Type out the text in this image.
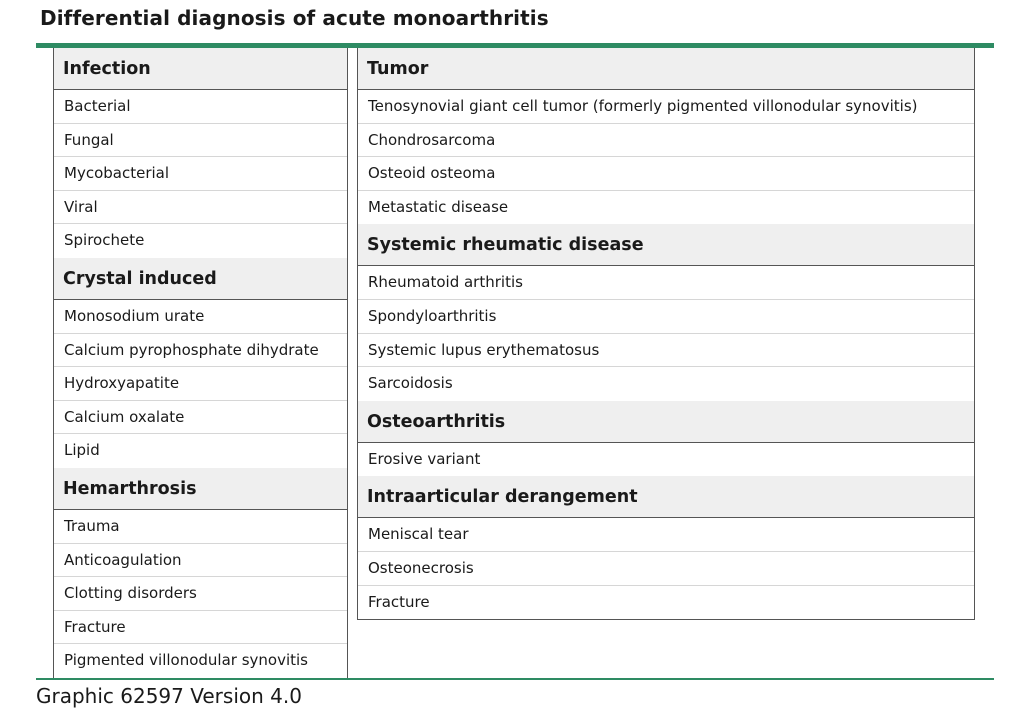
Differential diagnosis of acute monoarthritis
Infection
Bacterial
Fungal
Mycobacterial
Viral
Spirochete
Crystal induced
Monosodium urate
Calcium pyrophosphate dihydrate
Hydroxyapatite
Calcium oxalate
Lipid
Hemarthrosis
Trauma
Anticoagulation
Clotting disorders
Fracture
Pigmented villonodular synovitis
Tumor
Tenosynovial giant cell tumor (formerly pigmented villonodular synovitis)
Chondrosarcoma
Osteoid osteoma
Metastatic disease
Systemic rheumatic disease
Rheumatoid arthritis
Spondyloarthritis
Systemic lupus erythematosus
Sarcoidosis
Osteoarthritis
Erosive variant
Intraarticular derangement
Meniscal tear
Osteonecrosis
Fracture
Graphic 62597 Version 4.0
